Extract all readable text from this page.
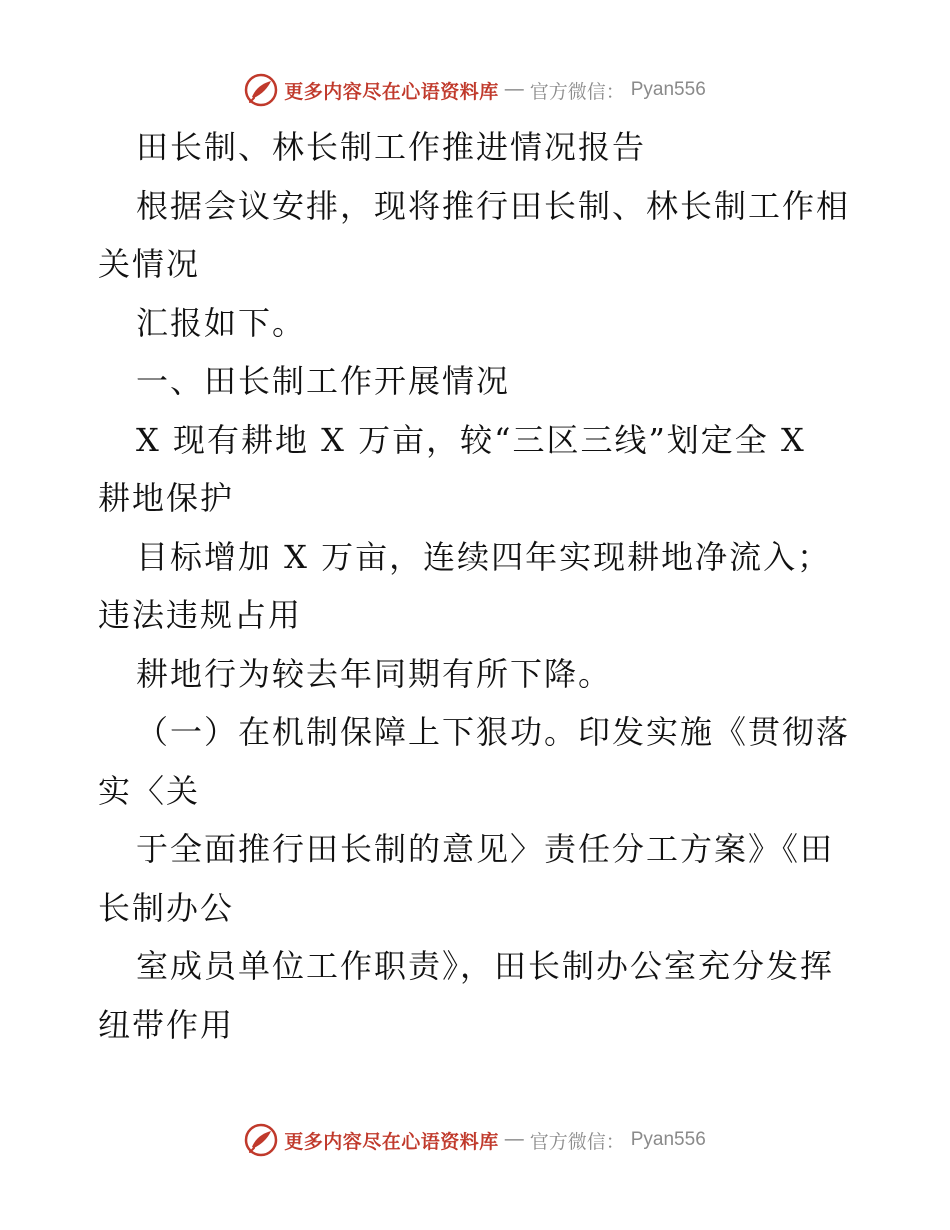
更多内容尽在心语资料库 — 官方微信： Pyan556
田长制、林长制工作推进情况报告
根据会议安排，现将推行田长制、林长制工作相
关情况
汇报如下。
一、田长制工作开展情况
X 现有耕地 X 万亩，较“三区三线”划定全 X
耕地保护
目标增加 X 万亩，连续四年实现耕地净流入；
违法违规占用
耕地行为较去年同期有所下降。
（一）在机制保障上下狠功。印发实施《贯彻落
实〈关
于全面推行田长制的意见〉责任分工方案》《田
长制办公
室成员单位工作职责》，田长制办公室充分发挥
纽带作用
更多内容尽在心语资料库 — 官方微信： Pyan556
